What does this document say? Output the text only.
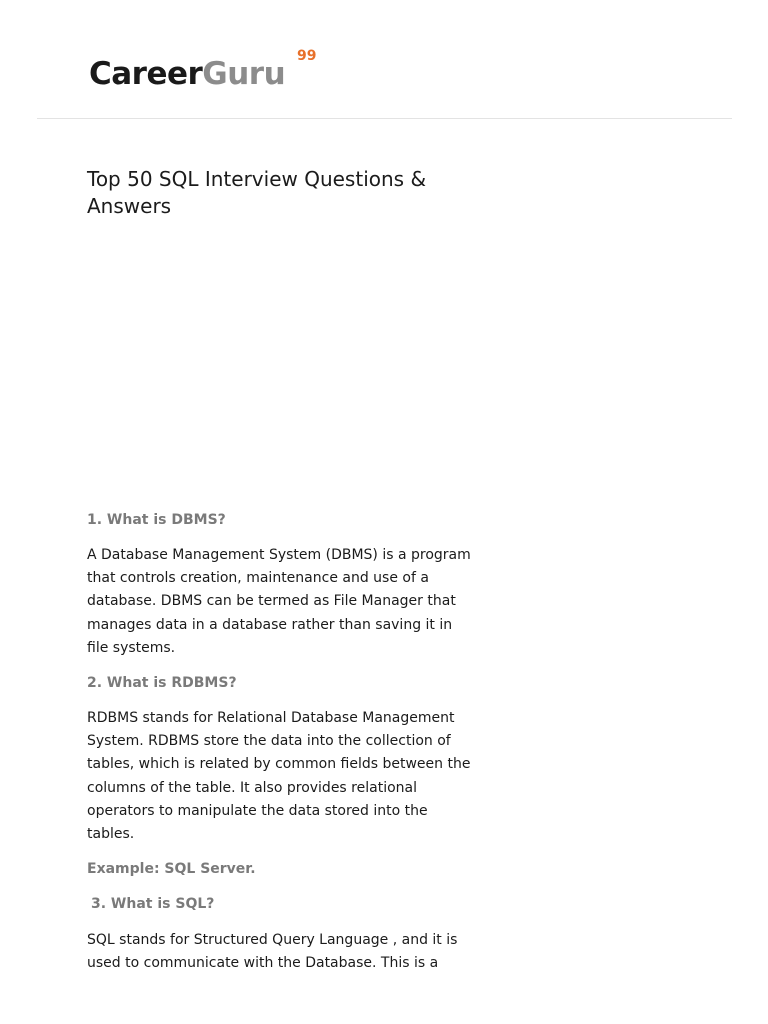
CareerGuru 99
Top 50 SQL Interview Questions & Answers

1. What is DBMS?

A Database Management System (DBMS) is a program that controls creation, maintenance and use of a database. DBMS can be termed as File Manager that manages data in a database rather than saving it in file systems.

2. What is RDBMS?

RDBMS stands for Relational Database Management System. RDBMS store the data into the collection of tables, which is related by common fields between the columns of the table. It also provides relational operators to manipulate the data stored into the tables.

Example: SQL Server.

3. What is SQL?

SQL stands for Structured Query Language , and it is used to communicate with the Database. This is a
